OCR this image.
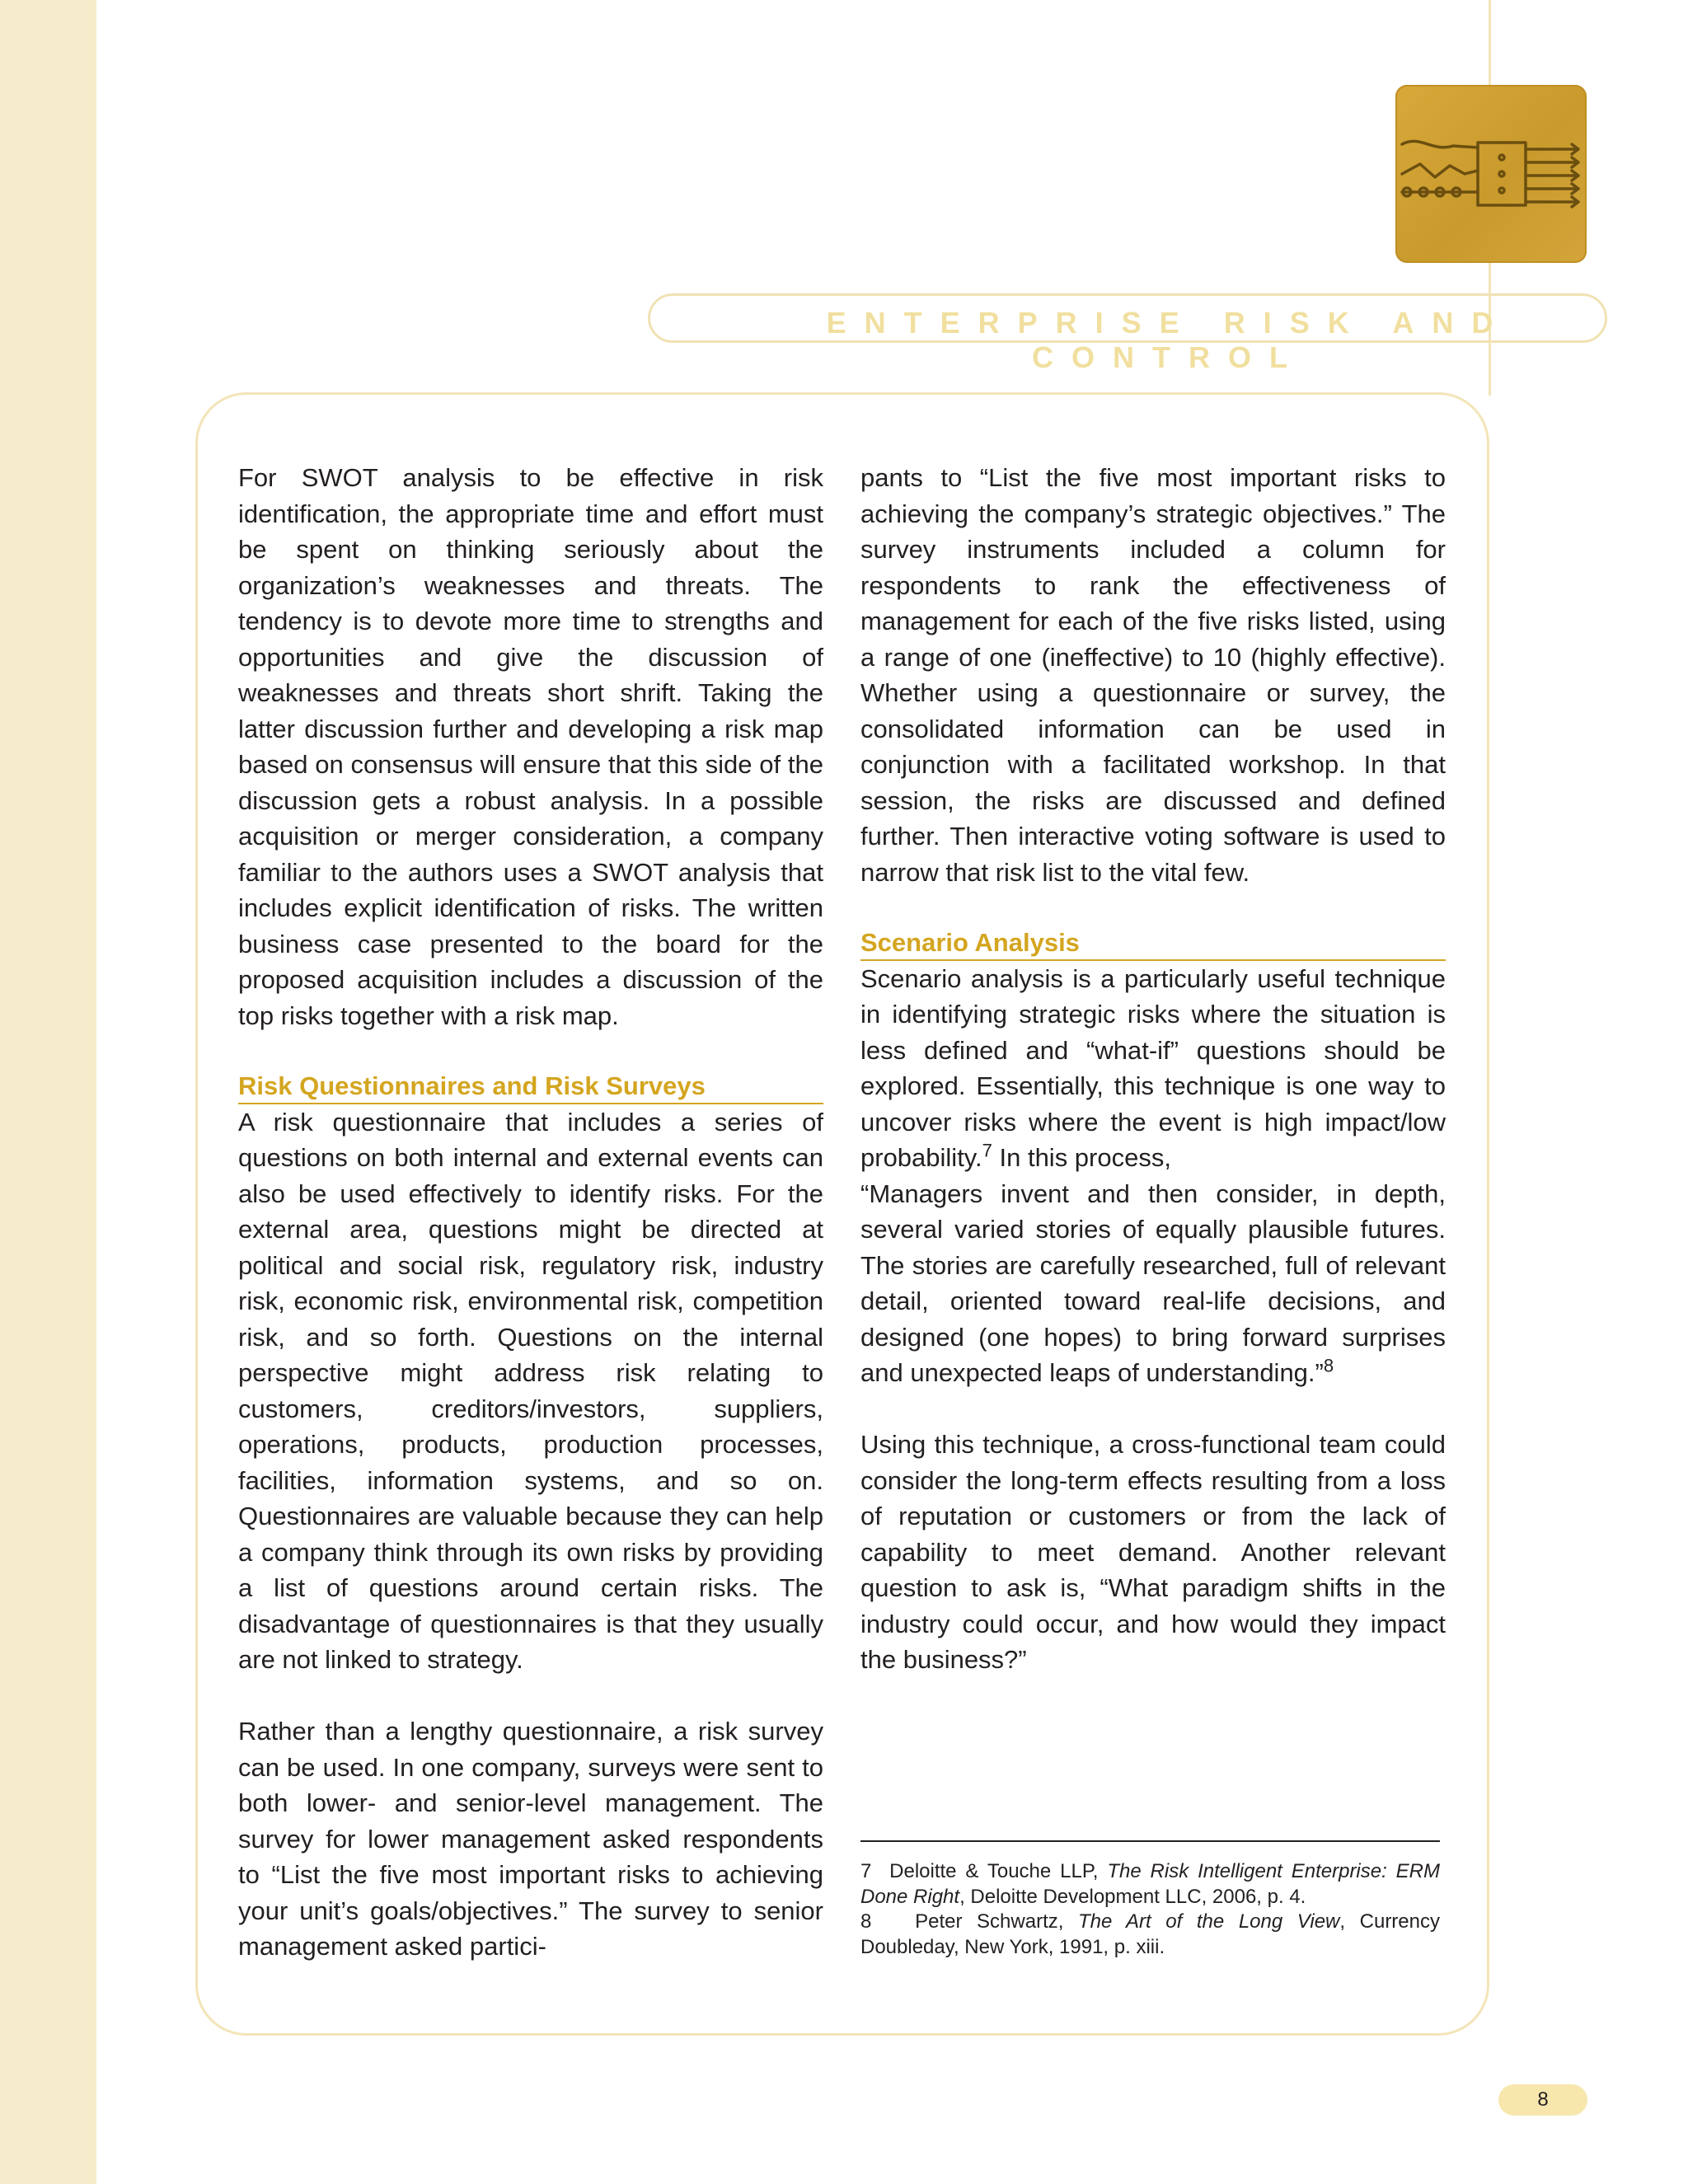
ENTERPRISE RISK AND CONTROL

For SWOT analysis to be effective in risk identification, the appropriate time and effort must be spent on thinking seriously about the organization’s weaknesses and threats. The tendency is to devote more time to strengths and opportunities and give the discussion of weaknesses and threats short shrift. Taking the latter discussion further and developing a risk map based on consensus will ensure that this side of the discussion gets a robust analysis. In a possible acquisition or merger consideration, a company familiar to the authors uses a SWOT analysis that includes explicit identification of risks. The written business case presented to the board for the proposed acquisition includes a discussion of the top risks together with a risk map.

Risk Questionnaires and Risk Surveys

A risk questionnaire that includes a series of questions on both internal and external events can also be used effectively to identify risks. For the external area, questions might be directed at political and social risk, regulatory risk, industry risk, economic risk, environmental risk, competition risk, and so forth. Questions on the internal perspective might address risk relating to customers, creditors/investors, suppliers, operations, products, production processes, facilities, information systems, and so on. Questionnaires are valuable because they can help a company think through its own risks by providing a list of questions around certain risks. The disadvantage of questionnaires is that they usually are not linked to strategy.

Rather than a lengthy questionnaire, a risk survey can be used. In one company, surveys were sent to both lower- and senior-level management. The survey for lower management asked respondents to “List the five most important risks to achieving your unit’s goals/objectives.” The survey to senior management asked partici-

pants to “List the five most important risks to achieving the company’s strategic objectives.” The survey instruments included a column for respondents to rank the effectiveness of management for each of the five risks listed, using a range of one (ineffective) to 10 (highly effective). Whether using a questionnaire or survey, the consolidated information can be used in conjunction with a facilitated workshop. In that session, the risks are discussed and defined further. Then interactive voting software is used to narrow that risk list to the vital few.

Scenario Analysis

Scenario analysis is a particularly useful technique in identifying strategic risks where the situation is less defined and “what-if” questions should be explored. Essentially, this technique is one way to uncover risks where the event is high impact/low probability.$^7$ In this process,

“Managers invent and then consider, in depth, several varied stories of equally plausible futures. The stories are carefully researched, full of relevant detail, oriented toward real-life decisions, and designed (one hopes) to bring forward surprises and unexpected leaps of understanding.”$^8$

Using this technique, a cross-functional team could consider the long-term effects resulting from a loss of reputation or customers or from the lack of capability to meet demand. Another relevant question to ask is, “What paradigm shifts in the industry could occur, and how would they impact the business?”

7 Deloitte & Touche LLP, The Risk Intelligent Enterprise: ERM Done Right, Deloitte Development LLC, 2006, p. 4.

8 Peter Schwartz, The Art of the Long View, Currency Doubleday, New York, 1991, p. xiii.

8
